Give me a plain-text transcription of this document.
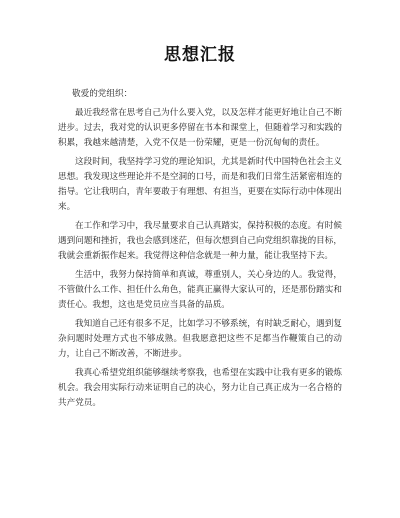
思想汇报
敬爱的党组织：

最近我经常在思考自己为什么要入党，以及怎样才能更好地让自己不断进步。过去，我对党的认识更多停留在书本和课堂上，但随着学习和实践的积累，我越来越清楚，入党不仅是一份荣耀，更是一份沉甸甸的责任。

这段时间，我坚持学习党的理论知识，尤其是新时代中国特色社会主义思想。我发现这些理论并不是空洞的口号，而是和我们日常生活紧密相连的指导。它让我明白，青年要敢于有理想、有担当，更要在实际行动中体现出来。

在工作和学习中，我尽量要求自己认真踏实，保持积极的态度。有时候遇到问题和挫折，我也会感到迷茫，但每次想到自己向党组织靠拢的目标，我就会重新振作起来。我觉得这种信念就是一种力量，能让我坚持下去。

生活中，我努力保持简单和真诚，尊重别人，关心身边的人。我觉得，不管做什么工作、担任什么角色，能真正赢得大家认可的，还是那份踏实和责任心。我想，这也是党员应当具备的品质。

我知道自己还有很多不足，比如学习不够系统，有时缺乏耐心，遇到复杂问题时处理方式也不够成熟。但我愿意把这些不足都当作鞭策自己的动力，让自己不断改善，不断进步。

我真心希望党组织能够继续考察我，也希望在实践中让我有更多的锻炼机会。我会用实际行动来证明自己的决心，努力让自己真正成为一名合格的共产党员。
